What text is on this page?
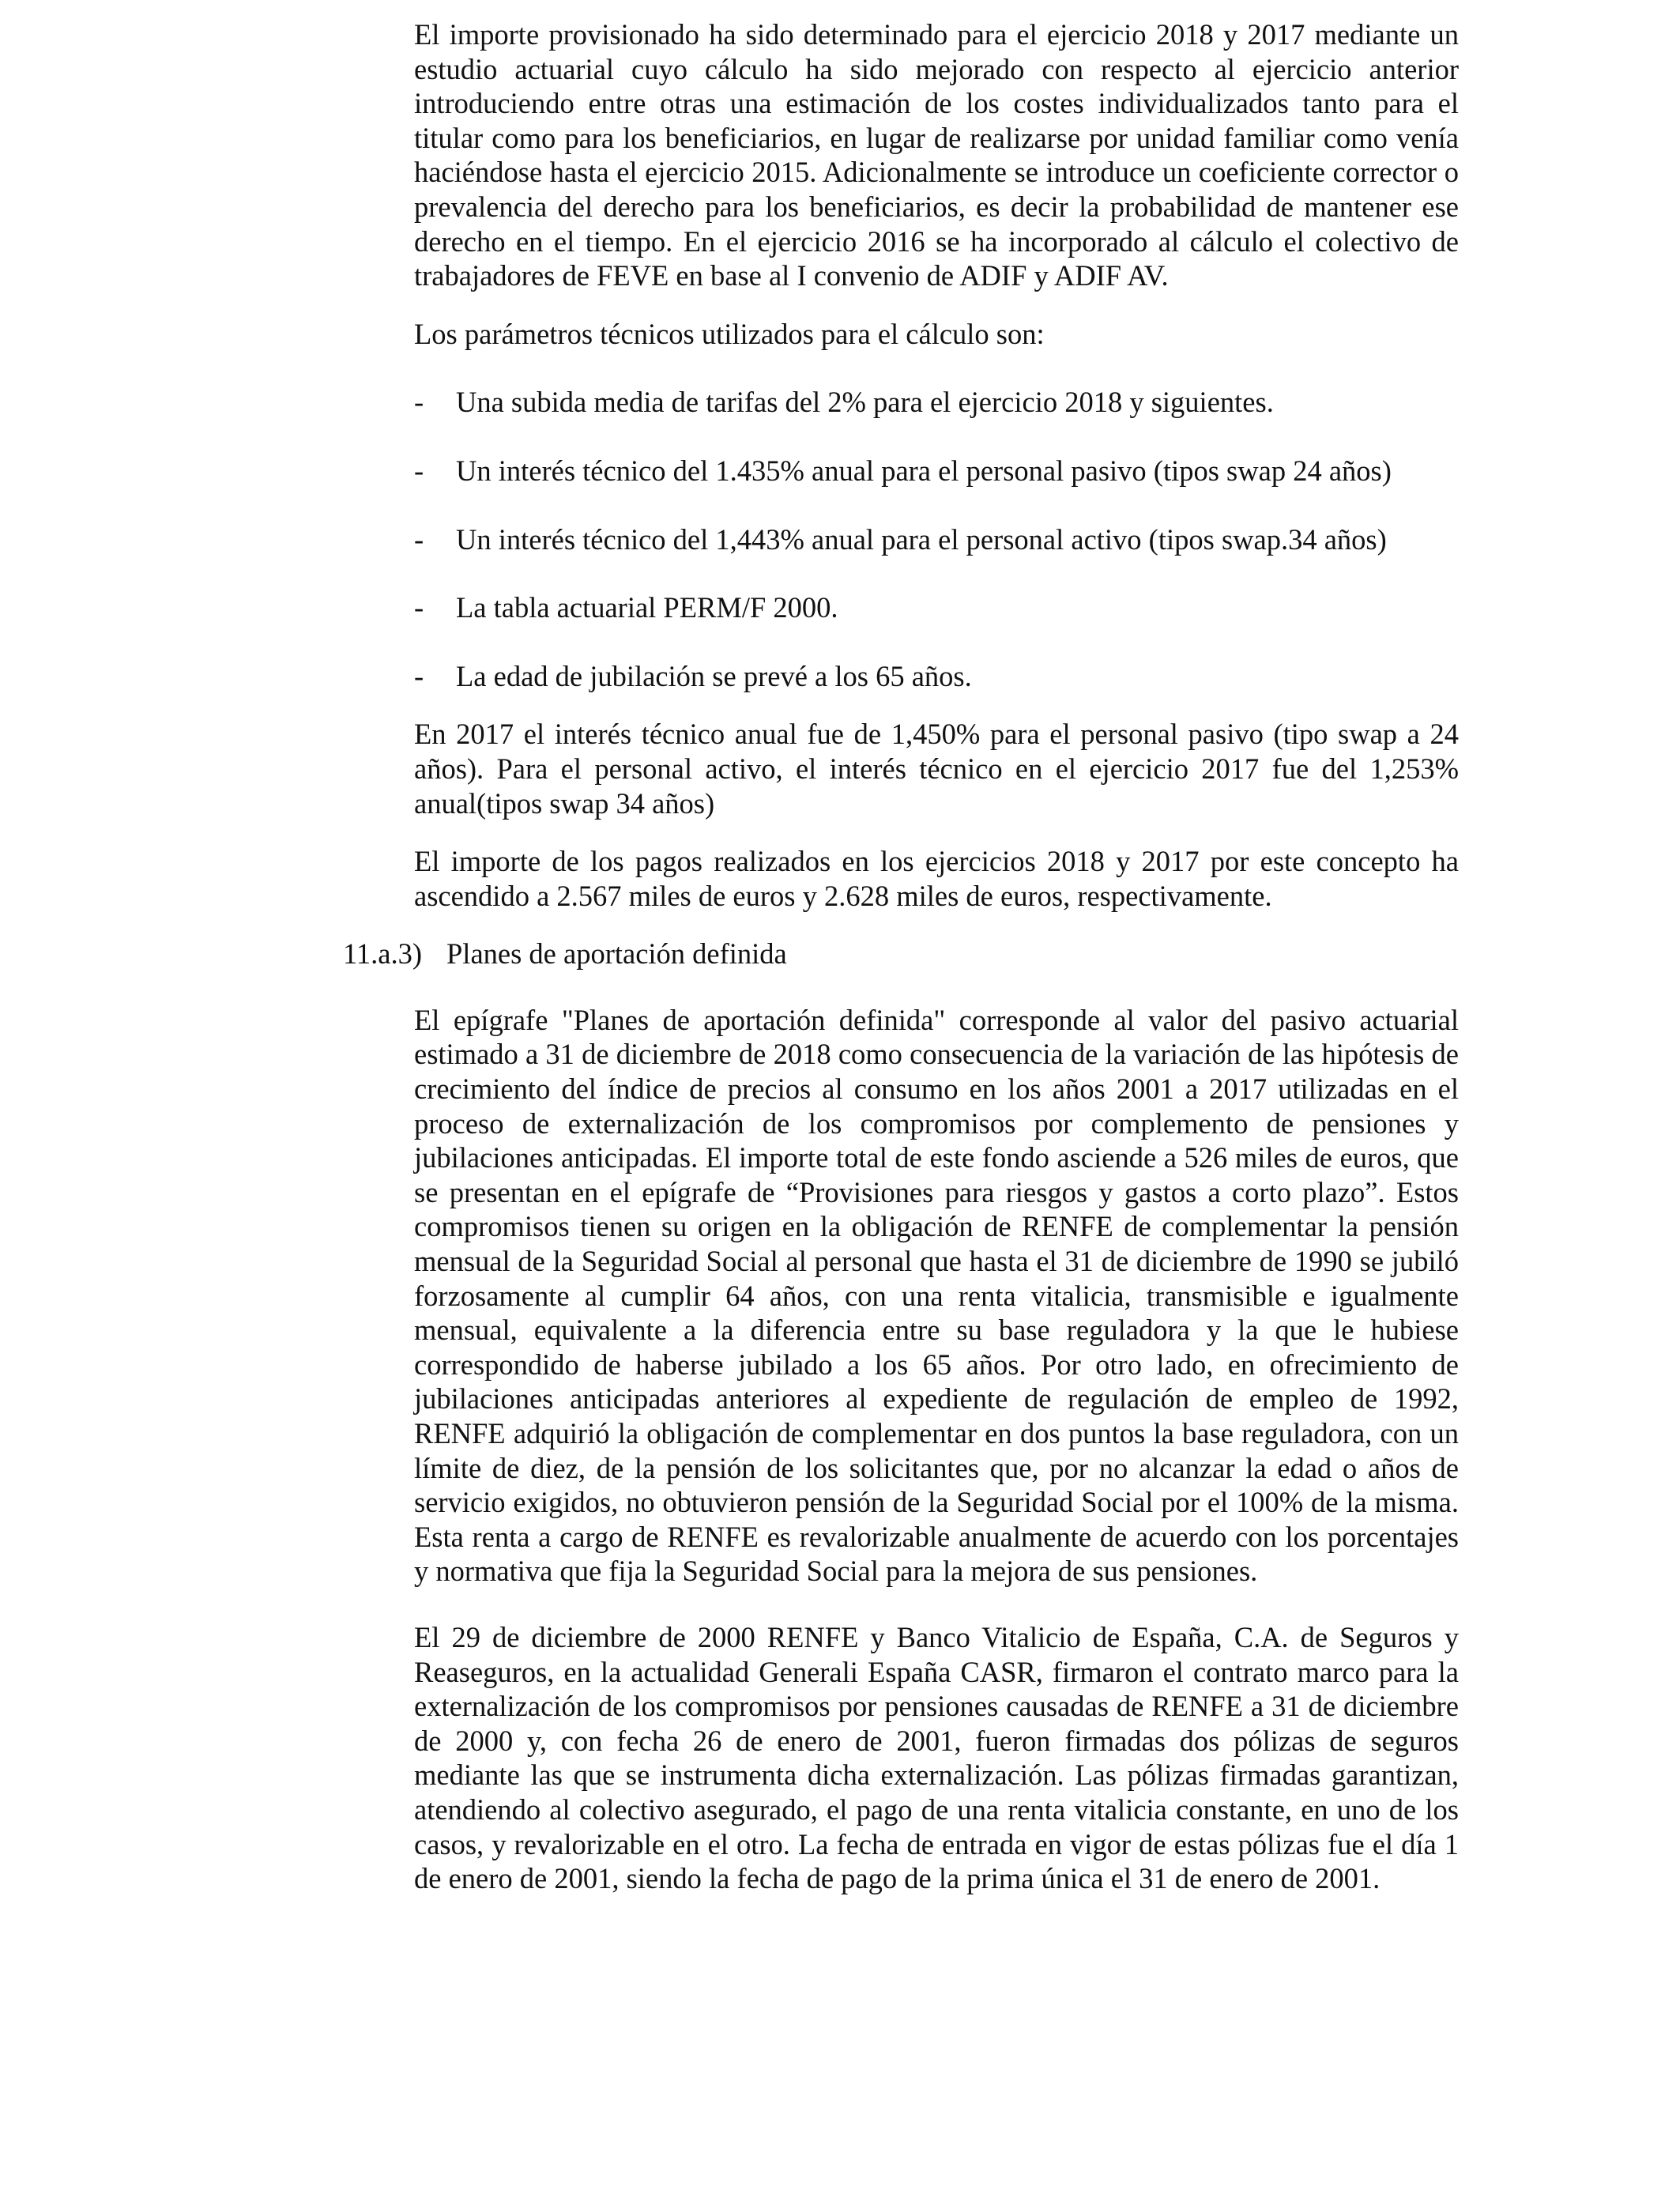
El importe provisionado ha sido determinado para el ejercicio 2018 y 2017 mediante un estudio actuarial cuyo cálculo ha sido mejorado con respecto al ejercicio anterior introduciendo entre otras una estimación de los costes individualizados tanto para el titular como para los beneficiarios, en lugar de realizarse por unidad familiar como venía haciéndose hasta el ejercicio 2015. Adicionalmente se introduce un coeficiente corrector o prevalencia del derecho para los beneficiarios, es decir la probabilidad de mantener ese derecho en el tiempo. En el ejercicio 2016 se ha incorporado al cálculo el colectivo de trabajadores de FEVE en base al I convenio de ADIF y ADIF AV.

Los parámetros técnicos utilizados para el cálculo son:

- Una subida media de tarifas del 2% para el ejercicio 2018 y siguientes.
- Un interés técnico del 1.435% anual para el personal pasivo (tipos swap 24 años)
- Un interés técnico del 1,443% anual para el personal activo (tipos swap.34 años)
- La tabla actuarial PERM/F 2000.
- La edad de jubilación se prevé a los 65 años.

En 2017 el interés técnico anual fue de 1,450% para el personal pasivo (tipo swap a 24 años). Para el personal activo, el interés técnico en el ejercicio 2017 fue del 1,253% anual(tipos swap 34 años)

El importe de los pagos realizados en los ejercicios 2018 y 2017 por este concepto ha ascendido a 2.567 miles de euros y 2.628 miles de euros, respectivamente.

11.a.3) Planes de aportación definida

El epígrafe "Planes de aportación definida" corresponde al valor del pasivo actuarial estimado a 31 de diciembre de 2018 como consecuencia de la variación de las hipótesis de crecimiento del índice de precios al consumo en los años 2001 a 2017 utilizadas en el proceso de externalización de los compromisos por complemento de pensiones y jubilaciones anticipadas. El importe total de este fondo asciende a 526 miles de euros, que se presentan en el epígrafe de “Provisiones para riesgos y gastos a corto plazo”. Estos compromisos tienen su origen en la obligación de RENFE de complementar la pensión mensual de la Seguridad Social al personal que hasta el 31 de diciembre de 1990 se jubiló forzosamente al cumplir 64 años, con una renta vitalicia, transmisible e igualmente mensual, equivalente a la diferencia entre su base reguladora y la que le hubiese correspondido de haberse jubilado a los 65 años. Por otro lado, en ofrecimiento de jubilaciones anticipadas anteriores al expediente de regulación de empleo de 1992, RENFE adquirió la obligación de complementar en dos puntos la base reguladora, con un límite de diez, de la pensión de los solicitantes que, por no alcanzar la edad o años de servicio exigidos, no obtuvieron pensión de la Seguridad Social por el 100% de la misma. Esta renta a cargo de RENFE es revalorizable anualmente de acuerdo con los porcentajes y normativa que fija la Seguridad Social para la mejora de sus pensiones.

El 29 de diciembre de 2000 RENFE y Banco Vitalicio de España, C.A. de Seguros y Reaseguros, en la actualidad Generali España CASR, firmaron el contrato marco para la externalización de los compromisos por pensiones causadas de RENFE a 31 de diciembre de 2000 y, con fecha 26 de enero de 2001, fueron firmadas dos pólizas de seguros mediante las que se instrumenta dicha externalización. Las pólizas firmadas garantizan, atendiendo al colectivo asegurado, el pago de una renta vitalicia constante, en uno de los casos, y revalorizable en el otro. La fecha de entrada en vigor de estas pólizas fue el día 1 de enero de 2001, siendo la fecha de pago de la prima única el 31 de enero de 2001.
